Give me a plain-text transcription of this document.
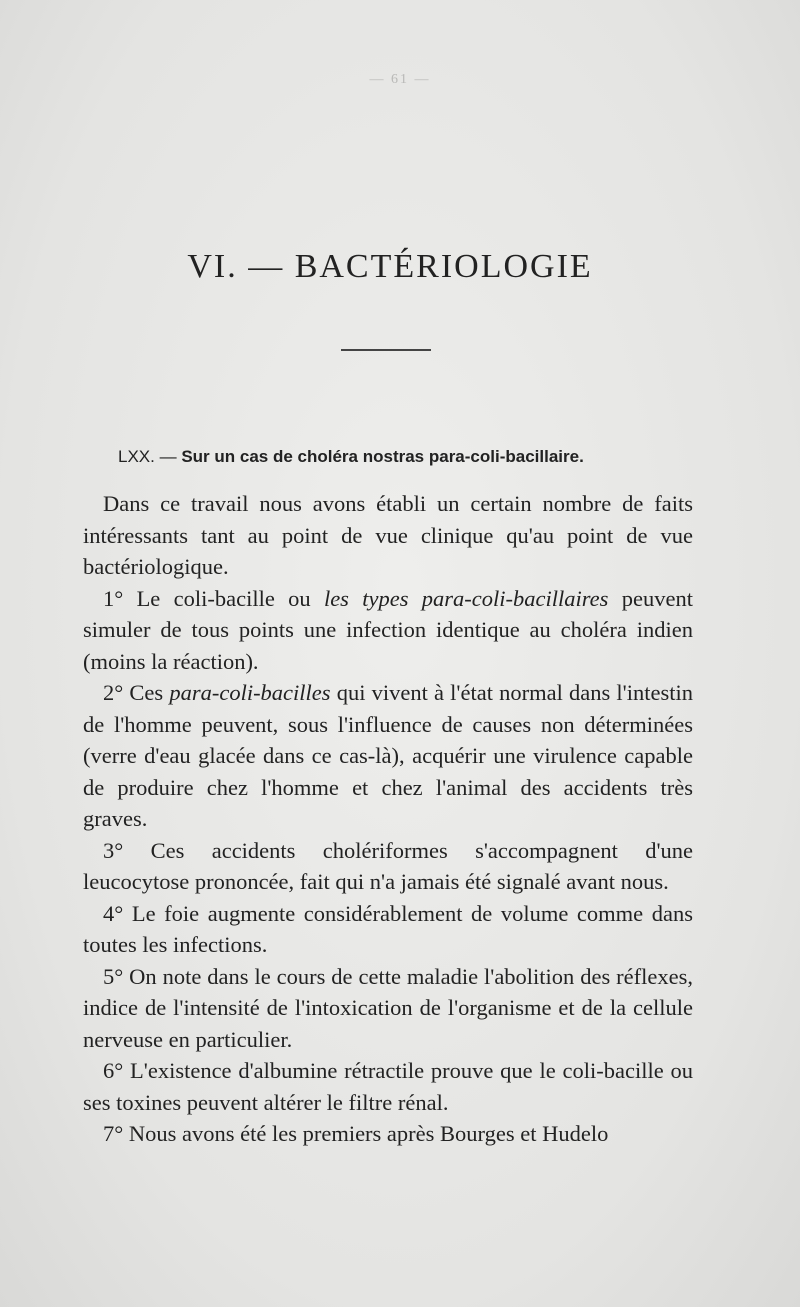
— 61 —
VI. — BACTÉRIOLOGIE
LXX. — Sur un cas de choléra nostras para-coli-bacillaire.

Dans ce travail nous avons établi un certain nombre de faits intéressants tant au point de vue clinique qu'au point de vue bactériologique.

1° Le coli-bacille ou les types para-coli-bacillaires peuvent simuler de tous points une infection identique au choléra indien (moins la réaction).

2° Ces para-coli-bacilles qui vivent à l'état normal dans l'intestin de l'homme peuvent, sous l'influence de causes non déterminées (verre d'eau glacée dans ce cas-là), acquérir une virulence capable de produire chez l'homme et chez l'animal des accidents très graves.

3° Ces accidents cholériformes s'accompagnent d'une leucocytose prononcée, fait qui n'a jamais été signalé avant nous.

4° Le foie augmente considérablement de volume comme dans toutes les infections.

5° On note dans le cours de cette maladie l'abolition des réflexes, indice de l'intensité de l'intoxication de l'organisme et de la cellule nerveuse en particulier.

6° L'existence d'albumine rétractile prouve que le coli-bacille ou ses toxines peuvent altérer le filtre rénal.

7° Nous avons été les premiers après Bourges et Hudelo
